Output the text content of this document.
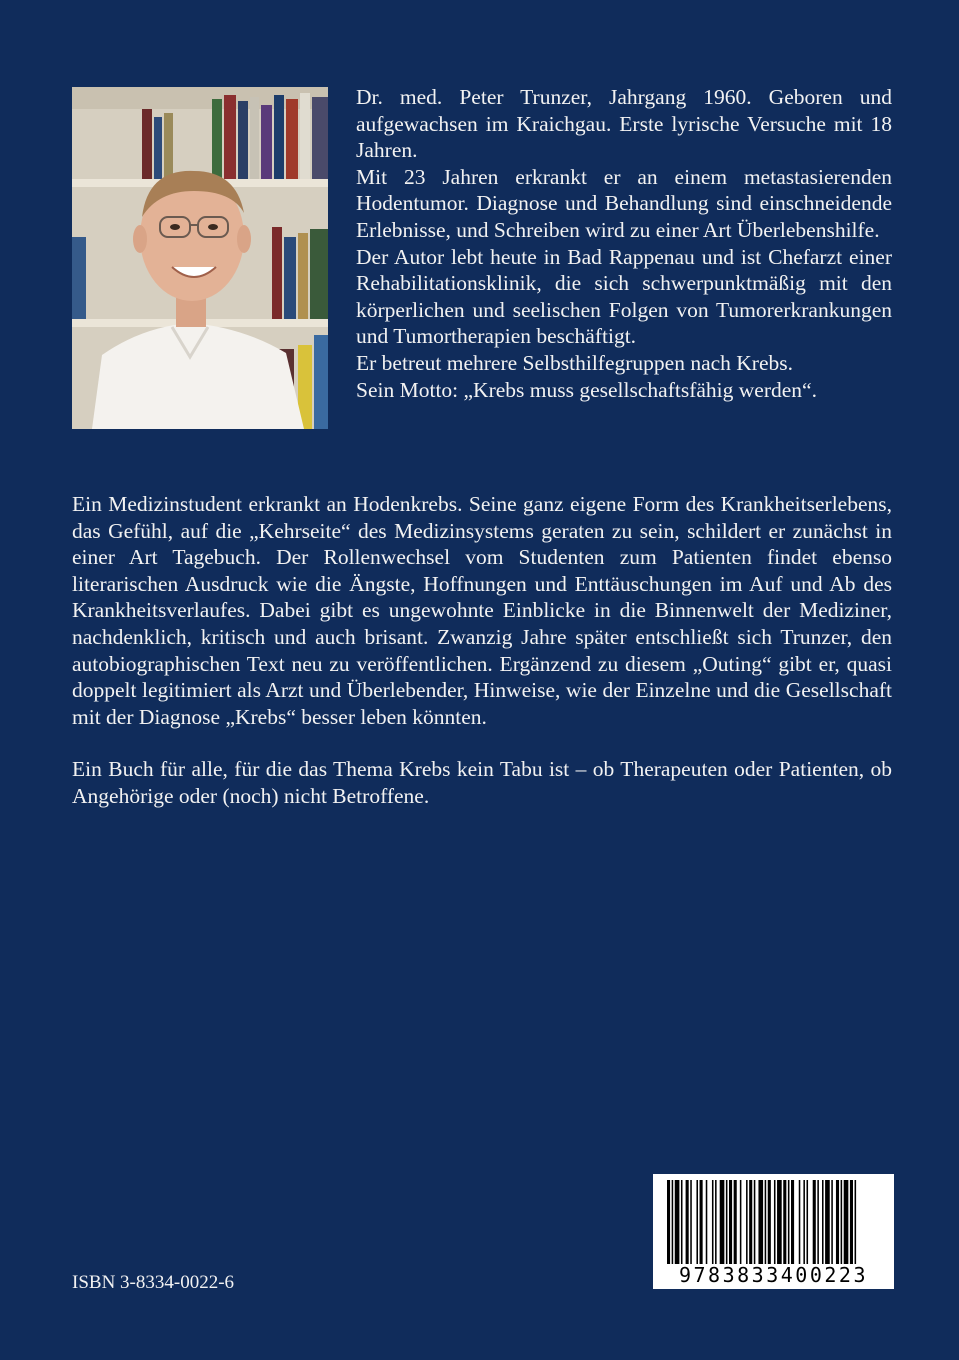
Dr. med. Peter Trunzer, Jahrgang 1960. Geboren und aufgewachsen im Kraichgau. Erste lyrische Versuche mit 18 Jahren.

Mit 23 Jahren erkrankt er an einem metastasierenden Hodentumor. Diagnose und Behandlung sind einschneidende Erlebnisse, und Schreiben wird zu einer Art Überlebenshilfe.

Der Autor lebt heute in Bad Rappenau und ist Chefarzt einer Rehabilitationsklinik, die sich schwerpunktmäßig mit den körperlichen und seelischen Folgen von Tumorerkrankungen und Tumortherapien beschäftigt.

Er betreut mehrere Selbsthilfegruppen nach Krebs.

Sein Motto: „Krebs muss gesellschaftsfähig werden“.

Ein Medizinstudent erkrankt an Hodenkrebs. Seine ganz eigene Form des Krankheitserlebens, das Gefühl, auf die „Kehrseite“ des Medizinsystems geraten zu sein, schildert er zunächst in einer Art Tagebuch. Der Rollenwechsel vom Studenten zum Patienten findet ebenso literarischen Ausdruck wie die Ängste, Hoffnungen und Enttäuschungen im Auf und Ab des Krankheitsverlaufes. Dabei gibt es ungewohnte Einblicke in die Binnenwelt der Mediziner, nachdenklich, kritisch und auch brisant. Zwanzig Jahre später entschließt sich Trunzer, den autobiographischen Text neu zu veröffentlichen. Ergänzend zu diesem „Outing“ gibt er, quasi doppelt legitimiert als Arzt und Überlebender, Hinweise, wie der Einzelne und die Gesellschaft mit der Diagnose „Krebs“ besser leben könnten.

Ein Buch für alle, für die das Thema Krebs kein Tabu ist – ob Therapeuten oder Patienten, ob Angehörige oder (noch) nicht Betroffene.

ISBN 3-8334-0022-6	9783833400223
